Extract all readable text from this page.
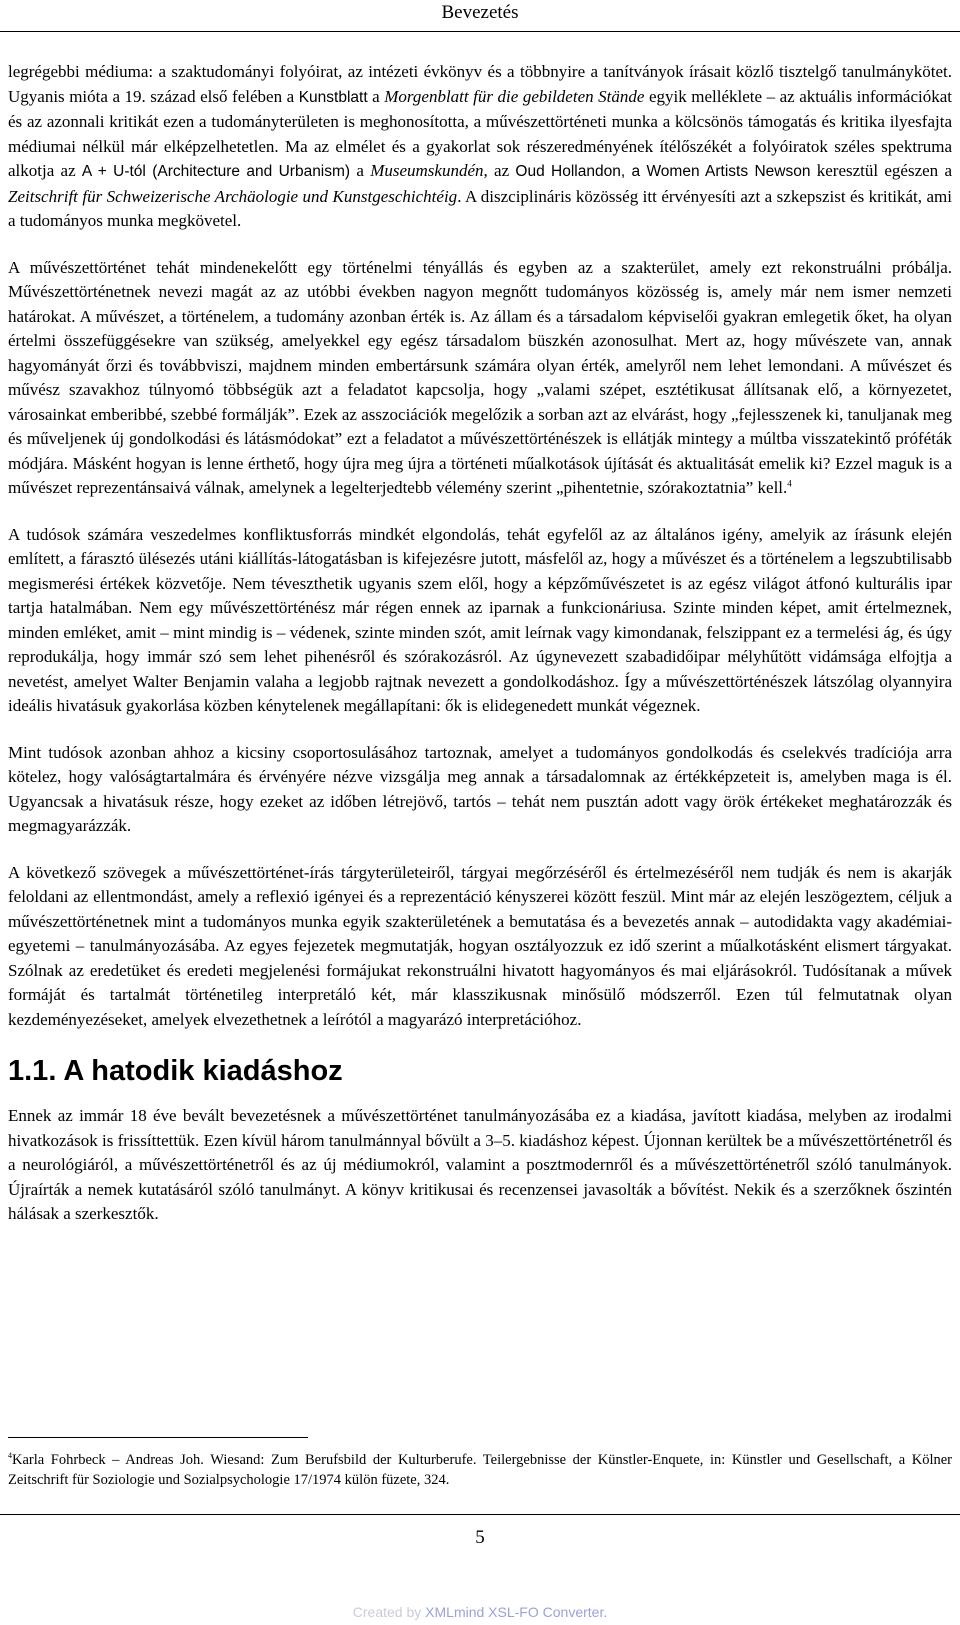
Bevezetés

legrégebbi médiuma: a szaktudományi folyóirat, az intézeti évkönyv és a többnyire a tanítványok írásait közlő tisztelgő tanulmánykötet. Ugyanis mióta a 19. század első felében a Kunstblatt a Morgenblatt für die gebildeten Stände egyik melléklete – az aktuális információkat és az azonnali kritikát ezen a tudományterületen is meghonosította, a művészettörténeti munka a kölcsönös támogatás és kritika ilyesfajta médiumai nélkül már elképzelhetetlen. Ma az elmélet és a gyakorlat sok részeredményének ítélőszékét a folyóiratok széles spektruma alkotja az A + U-tól (Architecture and Urbanism) a Museumskundén, az Oud Hollandon, a Women Artists Newson keresztül egészen a Zeitschrift für Schweizerische Archäologie und Kunstgeschichtéig. A diszciplináris közösség itt érvényesíti azt a szkepszist és kritikát, ami a tudományos munka megkövetel.

A művészettörténet tehát mindenekelőtt egy történelmi tényállás és egyben az a szakterület, amely ezt rekonstruálni próbálja. Művészettörténetnek nevezi magát az az utóbbi években nagyon megnőtt tudományos közösség is, amely már nem ismer nemzeti határokat. A művészet, a történelem, a tudomány azonban érték is. Az állam és a társadalom képviselői gyakran emlegetik őket, ha olyan értelmi összefüggésekre van szükség, amelyekkel egy egész társadalom büszkén azonosulhat. Mert az, hogy művészete van, annak hagyományát őrzi és továbbviszi, majdnem minden embertársunk számára olyan érték, amelyről nem lehet lemondani. A művészet és művész szavakhoz túlnyomó többségük azt a feladatot kapcsolja, hogy „valami szépet, esztétikusat állítsanak elő, a környezetet, városainkat emberibbé, szebbé formálják”. Ezek az asszociációk megelőzik a sorban azt az elvárást, hogy „fejlesszenek ki, tanuljanak meg és műveljenek új gondolkodási és látásmódokat” ezt a feladatot a művészettörténészek is ellátják mintegy a múltba visszatekintő próféták módjára. Másként hogyan is lenne érthető, hogy újra meg újra a történeti műalkotások újítását és aktualitását emelik ki? Ezzel maguk is a művészet reprezentánsaivá válnak, amelynek a legelterjedtebb vélemény szerint „pihentetnie, szórakoztatnia” kell.$^4$

A tudósok számára veszedelmes konfliktusforrás mindkét elgondolás, tehát egyfelől az az általános igény, amelyik az írásunk elején említett, a fárasztó ülésezés utáni kiállítás-látogatásban is kifejezésre jutott, másfelől az, hogy a művészet és a történelem a legszubtilisabb megismerési értékek közvetője. Nem téveszthetik ugyanis szem elől, hogy a képzőművészetet is az egész világot átfonó kulturális ipar tartja hatalmában. Nem egy művészettörténész már régen ennek az iparnak a funkcionáriusa. Szinte minden képet, amit értelmeznek, minden emléket, amit – mint mindig is – védenek, szinte minden szót, amit leírnak vagy kimondanak, felszippant ez a termelési ág, és úgy reprodukálja, hogy immár szó sem lehet pihenésről és szórakozásról. Az úgynevezett szabadidőipar mélyhűtött vidámsága elfojtja a nevetést, amelyet Walter Benjamin valaha a legjobb rajtnak nevezett a gondolkodáshoz. Így a művészettörténészek látszólag olyannyira ideális hivatásuk gyakorlása közben kénytelenek megállapítani: ők is elidegenedett munkát végeznek.

Mint tudósok azonban ahhoz a kicsiny csoportosulásához tartoznak, amelyet a tudományos gondolkodás és cselekvés tradíciója arra kötelez, hogy valóságtartalmára és érvényére nézve vizsgálja meg annak a társadalomnak az értékképzeteit is, amelyben maga is él. Ugyancsak a hivatásuk része, hogy ezeket az időben létrejövő, tartós – tehát nem pusztán adott vagy örök értékeket meghatározzák és megmagyarázzák.

A következő szövegek a művészettörténet-írás tárgyterületeiről, tárgyai megőrzéséről és értelmezéséről nem tudják és nem is akarják feloldani az ellentmondást, amely a reflexió igényei és a reprezentáció kényszerei között feszül. Mint már az elején leszögeztem, céljuk a művészettörténetnek mint a tudományos munka egyik szakterületének a bemutatása és a bevezetés annak – autodidakta vagy akadémiai-egyetemi – tanulmányozásába. Az egyes fejezetek megmutatják, hogyan osztályozzuk ez idő szerint a műalkotásként elismert tárgyakat. Szólnak az eredetüket és eredeti megjelenési formájukat rekonstruálni hivatott hagyományos és mai eljárásokról. Tudósítanak a művek formáját és tartalmát történetileg interpretáló két, már klasszikusnak minősülő módszerről. Ezen túl felmutatnak olyan kezdeményezéseket, amelyek elvezethetnek a leírótól a magyarázó interpretációhoz.

1.1. A hatodik kiadáshoz

Ennek az immár 18 éve bevált bevezetésnek a művészettörténet tanulmányozásába ez a kiadása, javított kiadása, melyben az irodalmi hivatkozások is frissíttettük. Ezen kívül három tanulmánnyal bővült a 3–5. kiadáshoz képest. Újonnan kerültek be a művészettörténetről és a neurológiáról, a művészettörténetről és az új médiumokról, valamint a posztmodernről és a művészettörténetről szóló tanulmányok. Újraírták a nemek kutatásáról szóló tanulmányt. A könyv kritikusai és recenzensei javasolták a bővítést. Nekik és a szerzőknek őszintén hálásak a szerkesztők.

$^4$Karla Fohrbeck – Andreas Joh. Wiesand: Zum Berufsbild der Kulturberufe. Teilergebnisse der Künstler-Enquete, in: Künstler und Gesellschaft, a Kölner Zeitschrift für Soziologie und Sozialpsychologie 17/1974 külön füzete, 324.

5
Created by XMLmind XSL-FO Converter.
